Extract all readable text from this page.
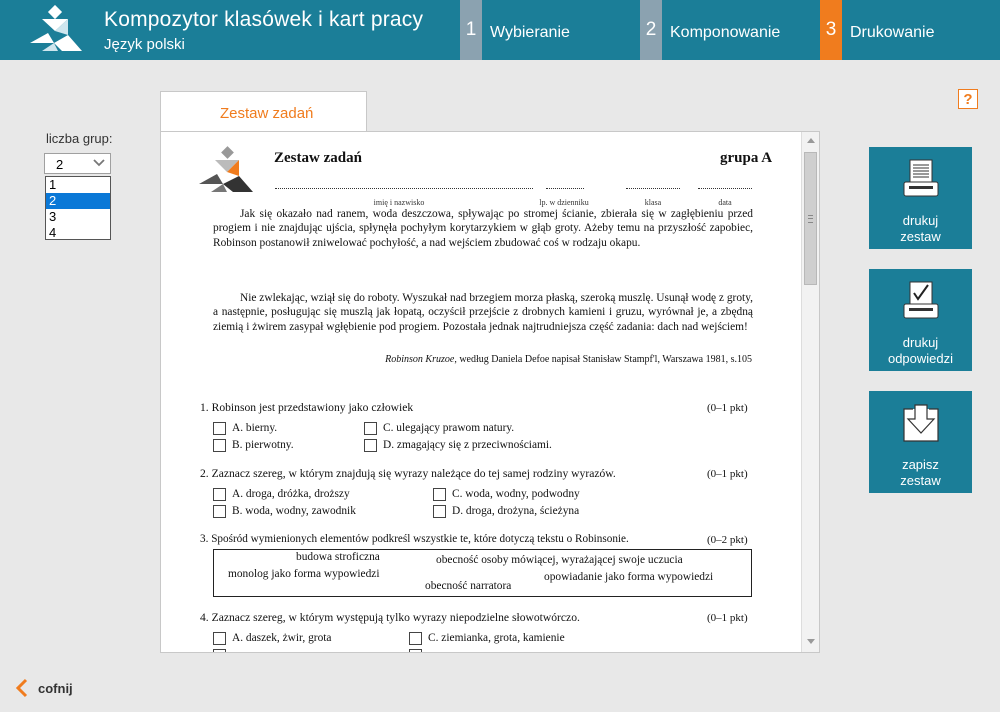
Kompozytor klasówek i kart pracy
Język polski
1 Wybieranie	2 Komponowanie	3 Drukowanie
?
liczba grup:
2
1
2
3
4
Zestaw zadań
Zestaw zadań	grupa A
imię i nazwisko	lp. w dzienniku	klasa	data
Jak się okazało nad ranem, woda deszczowa, spływając po stromej ścianie, zbierała się w zagłębieniu przed progiem i nie znajdując ujścia, spłynęła pochyłym korytarzykiem w głąb groty. Ażeby temu na przyszłość zapobiec, Robinson postanowił zniwelować pochyłość, a nad wejściem zbudować coś w rodzaju okapu.
Nie zwlekając, wziął się do roboty. Wyszukał nad brzegiem morza płaską, szeroką muszlę. Usunął wodę z groty, a następnie, posługując się muszlą jak łopatą, oczyścił przejście z drobnych kamieni i gruzu, wyrównał je, a zbędną ziemią i żwirem zasypał wgłębienie pod progiem. Pozostała jednak najtrudniejsza część zadania: dach nad wejściem!
Robinson Kruzoe, według Daniela Defoe napisał Stanisław Stampf'l, Warszawa 1981, s.105
1. Robinson jest przedstawiony jako człowiek	(0–1 pkt)
A. bierny.	C. ulegający prawom natury.
B. pierwotny.	D. zmagający się z przeciwnościami.
2. Zaznacz szereg, w którym znajdują się wyrazy należące do tej samej rodziny wyrazów.	(0–1 pkt)
A. droga, dróżka, droższy	C. woda, wodny, podwodny
B. woda, wodny, zawodnik	D. droga, drożyna, ścieżyna
3. Spośród wymienionych elementów podkreśl wszystkie te, które dotyczą tekstu o Robinsonie.	(0–2 pkt)
budowa stroficzna	obecność osoby mówiącej, wyrażającej swoje uczucia
monolog jako forma wypowiedzi	opowiadanie jako forma wypowiedzi
obecność narratora
4. Zaznacz szereg, w którym występują tylko wyrazy niepodzielne słowotwórczo.	(0–1 pkt)
A. daszek, żwir, grota	C. ziemianka, grota, kamienie
drukuj
zestaw
drukuj
odpowiedzi
zapisz
zestaw
cofnij
